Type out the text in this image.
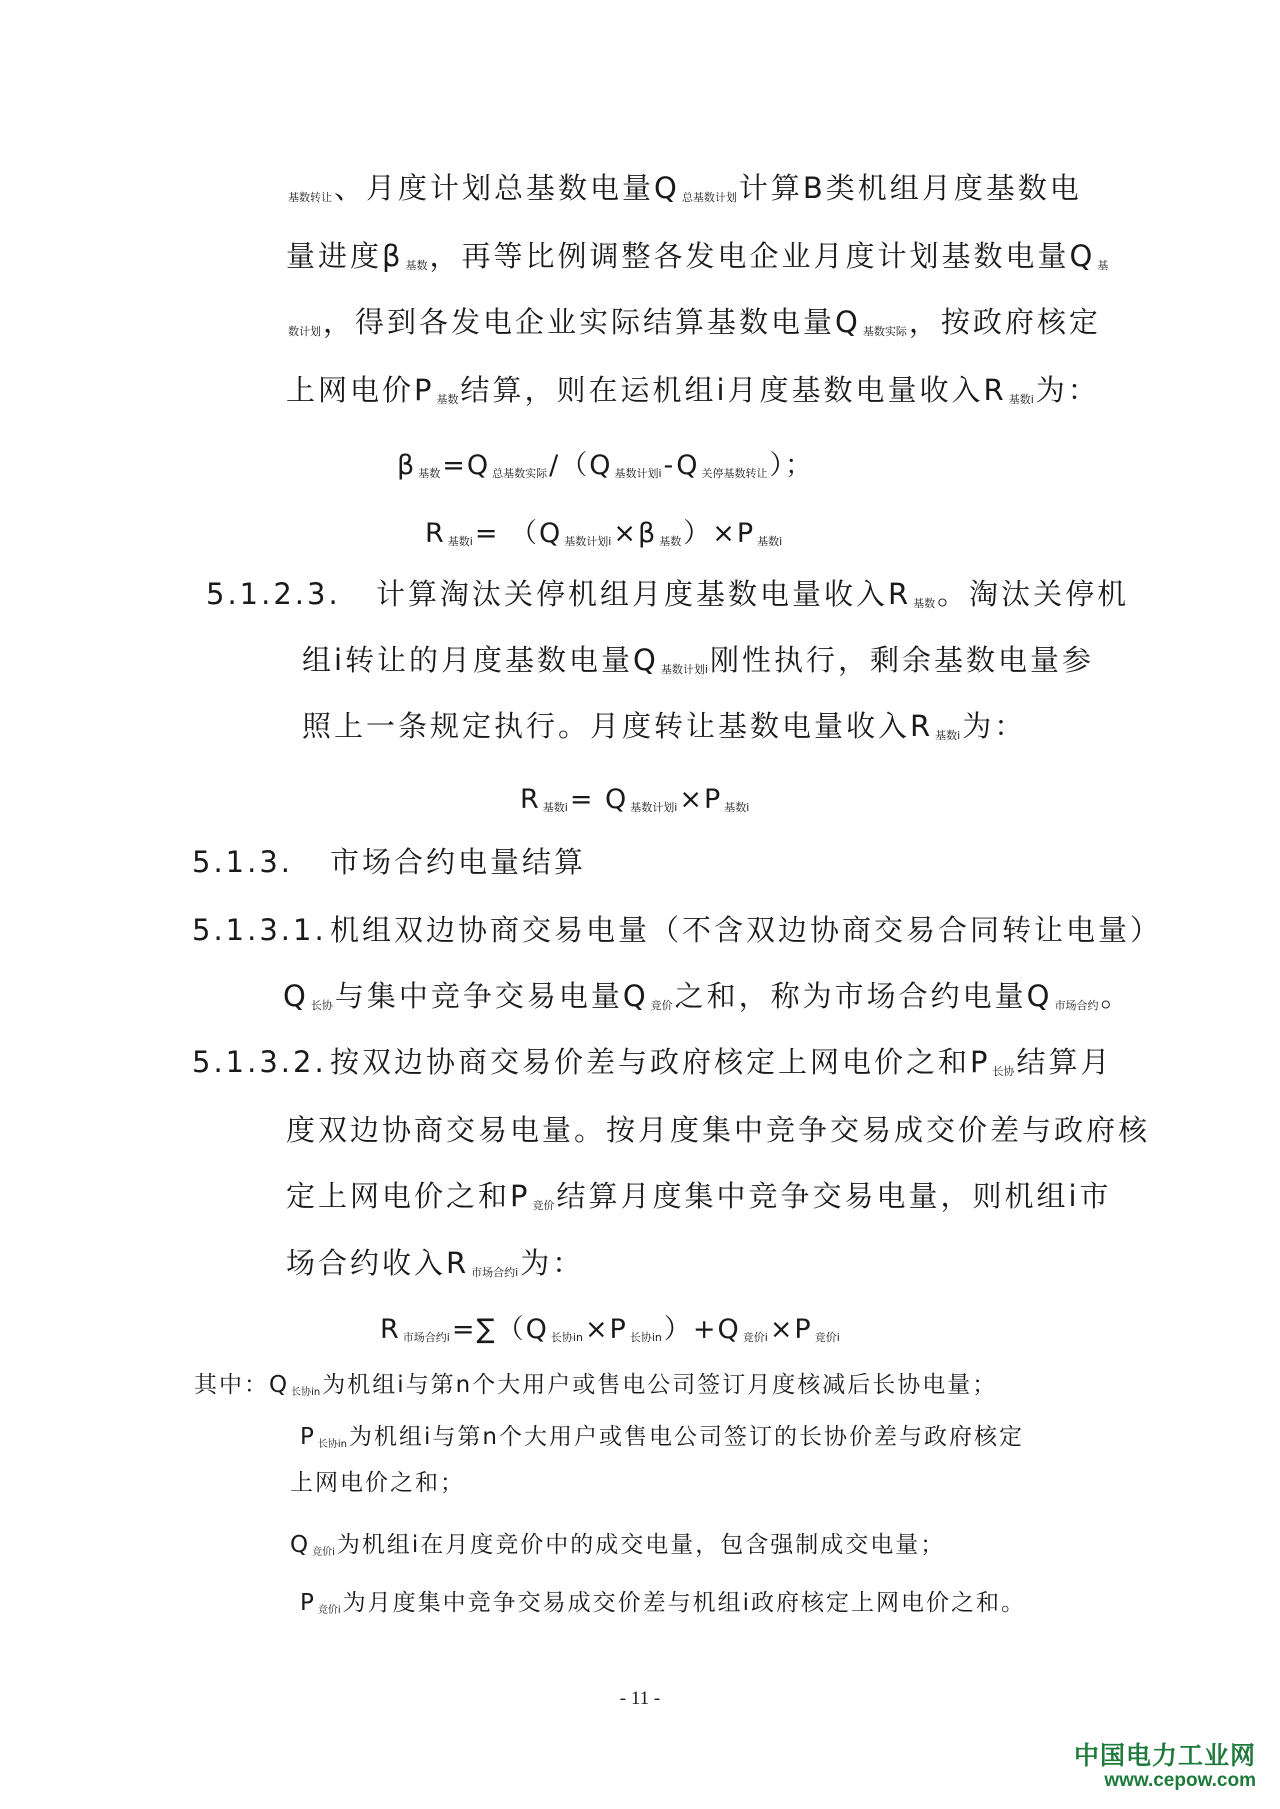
$_{基数转让}$、月度计划总基数电量Q $_{总基数计划}$计算B类机组月度基数电
量进度β $_{基数}$，再等比例调整各发电企业月度计划基数电量Q $_基$
$_{数计划}$，得到各发电企业实际结算基数电量Q $_{基数实际}$，按政府核定
上网电价P $_{基数}$结算，则在运机组i月度基数电量收入R $_{基数i}$为：
β $_{基数}$=Q $_{总基数实际}$/（Q $_{基数计划i}$-Q $_{关停基数转让}$）；
R $_{基数i}$= （Q $_{基数计划i}$×β $_{基数}$）×P $_{基数i}$
5.1.2.3. 计算淘汰关停机组月度基数电量收入R $_{基数}$。淘汰关停机
组i转让的月度基数电量Q $_{基数计划i}$刚性执行，剩余基数电量参
照上一条规定执行。月度转让基数电量收入R $_{基数i}$为：
R $_{基数i}$= Q $_{基数计划i}$×P $_{基数i}$
5.1.3. 市场合约电量结算
5.1.3.1. 机组双边协商交易电量（不含双边协商交易合同转让电量）
Q $_{长协}$与集中竞争交易电量Q $_{竞价}$之和，称为市场合约电量Q $_{市场合约}$。
5.1.3.2. 按双边协商交易价差与政府核定上网电价之和P $_{长协}$结算月
度双边协商交易电量。按月度集中竞争交易成交价差与政府核
定上网电价之和P $_{竞价}$结算月度集中竞争交易电量，则机组i市
场合约收入R $_{市场合约i}$为：
R $_{市场合约i}$=∑（Q $_{长协in}$×P $_{长协in}$）+Q $_{竞价i}$×P $_{竞价i}$
其中：Q $_{长协in}$为机组i与第n个大用户或售电公司签订月度核减后长协电量；
P $_{长协in}$为机组i与第n个大用户或售电公司签订的长协价差与政府核定
上网电价之和；
Q $_{竞价i}$为机组i在月度竞价中的成交电量，包含强制成交电量；
P $_{竞价i}$为月度集中竞争交易成交价差与机组i政府核定上网电价之和。
- 11 -
中国电力工业网
www.cepow.com
